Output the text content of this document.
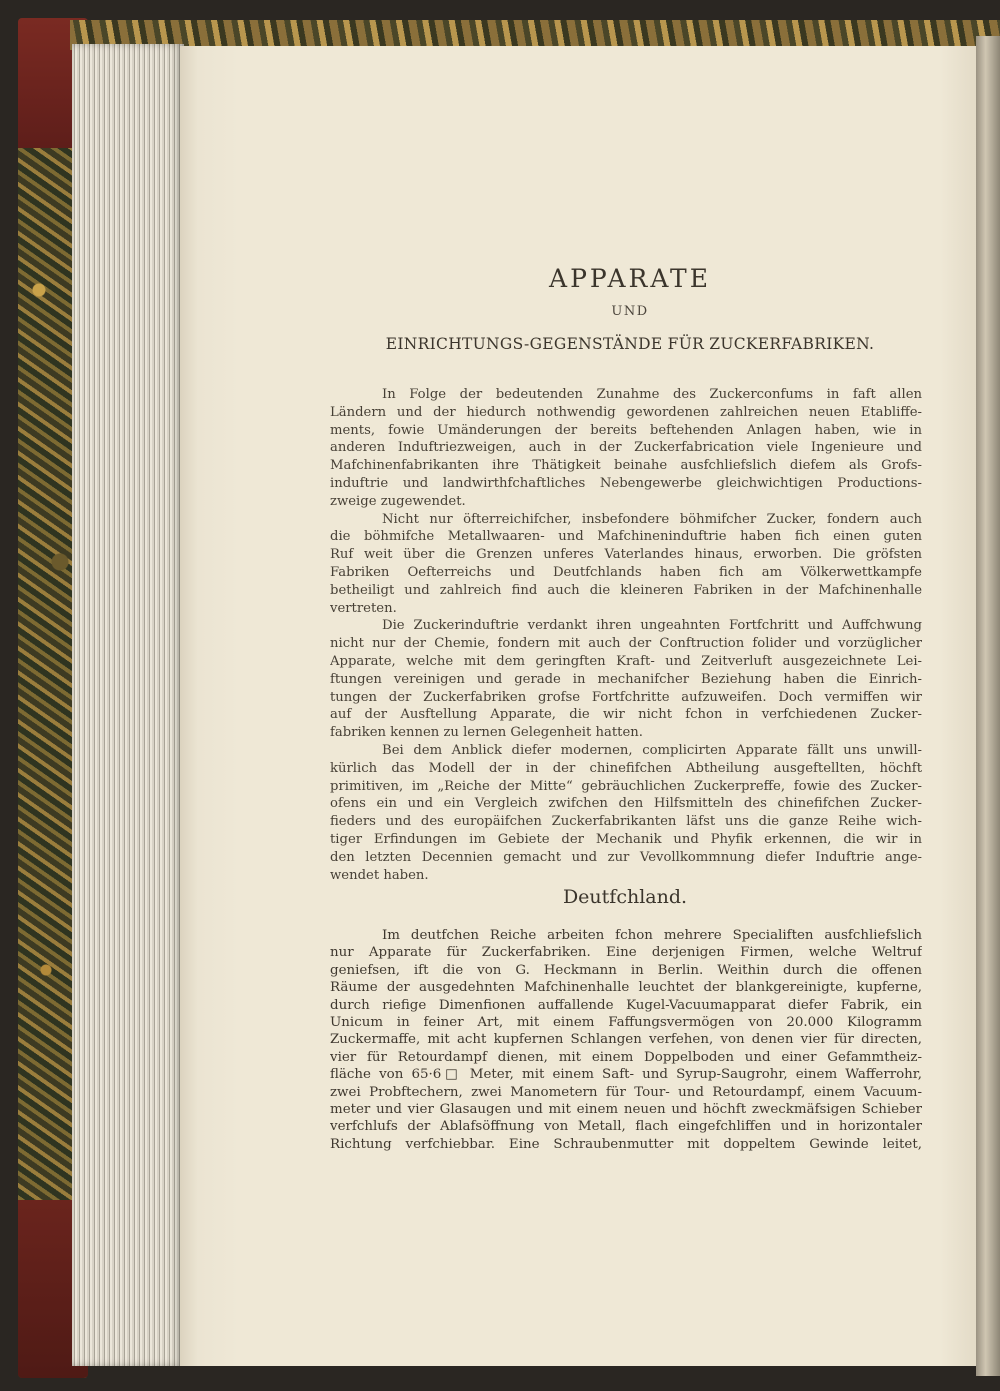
APPARATE
UND
EINRICHTUNGS-GEGENSTÄNDE FÜR ZUCKERFABRIKEN.
In Folge der bedeutenden Zunahme des Zuckerconfums in faft allen
Ländern und der hiedurch nothwendig gewordenen zahlreichen neuen Etabliffe-
ments, fowie Umänderungen der bereits beftehenden Anlagen haben, wie in
anderen Induftriezweigen, auch in der Zuckerfabrication viele Ingenieure und
Mafchinenfabrikanten ihre Thätigkeit beinahe ausfchliefslich diefem als Grofs-
induftrie und landwirthfchaftliches Nebengewerbe gleichwichtigen Productions-
zweige zugewendet.
Nicht nur öfterreichifcher, insbefondere böhmifcher Zucker, fondern auch
die böhmifche Metallwaaren- und Mafchineninduftrie haben fich einen guten
Ruf weit über die Grenzen unferes Vaterlandes hinaus, erworben. Die gröfsten
Fabriken Oefterreichs und Deutfchlands haben fich am Völkerwettkampfe
betheiligt und zahlreich find auch die kleineren Fabriken in der Mafchinenhalle
vertreten.
Die Zuckerinduftrie verdankt ihren ungeahnten Fortfchritt und Auffchwung
nicht nur der Chemie, fondern mit auch der Conftruction folider und vorzüglicher
Apparate, welche mit dem geringften Kraft- und Zeitverluft ausgezeichnete Lei-
ftungen vereinigen und gerade in mechanifcher Beziehung haben die Einrich-
tungen der Zuckerfabriken grofse Fortfchritte aufzuweifen. Doch vermiffen wir
auf der Ausftellung Apparate, die wir nicht fchon in verfchiedenen Zucker-
fabriken kennen zu lernen Gelegenheit hatten.
Bei dem Anblick diefer modernen, complicirten Apparate fällt uns unwill-
kürlich das Modell der in der chinefifchen Abtheilung ausgeftellten, höchft
primitiven, im „Reiche der Mitte“ gebräuchlichen Zuckerpreffe, fowie des Zucker-
ofens ein und ein Vergleich zwifchen den Hilfsmitteln des chinefifchen Zucker-
fieders und des europäifchen Zuckerfabrikanten läfst uns die ganze Reihe wich-
tiger Erfindungen im Gebiete der Mechanik und Phyfik erkennen, die wir in
den letzten Decennien gemacht und zur Vevollkommnung diefer Induftrie ange-
wendet haben.
Deutfchland.
Im deutfchen Reiche arbeiten fchon mehrere Specialiften ausfchliefslich
nur Apparate für Zuckerfabriken. Eine derjenigen Firmen, welche Weltruf
geniefsen, ift die von G. Heckmann in Berlin. Weithin durch die offenen
Räume der ausgedehnten Mafchinenhalle leuchtet der blankgereinigte, kupferne,
durch riefige Dimenfionen auffallende Kugel-Vacuumapparat diefer Fabrik, ein
Unicum in feiner Art, mit einem Faffungsvermögen von 20.000 Kilogramm
Zuckermaffe, mit acht kupfernen Schlangen verfehen, von denen vier für directen,
vier für Retourdampf dienen, mit einem Doppelboden und einer Gefammtheiz-
fläche von 65·6□ Meter, mit einem Saft- und Syrup-Saugrohr, einem Wafferrohr,
zwei Probftechern, zwei Manometern für Tour- und Retourdampf, einem Vacuum-
meter und vier Glasaugen und mit einem neuen und höchft zweckmäfsigen Schieber
verfchlufs der Ablafsöffnung von Metall, flach eingefchliffen und in horizontaler
Richtung verfchiebbar. Eine Schraubenmutter mit doppeltem Gewinde leitet,
